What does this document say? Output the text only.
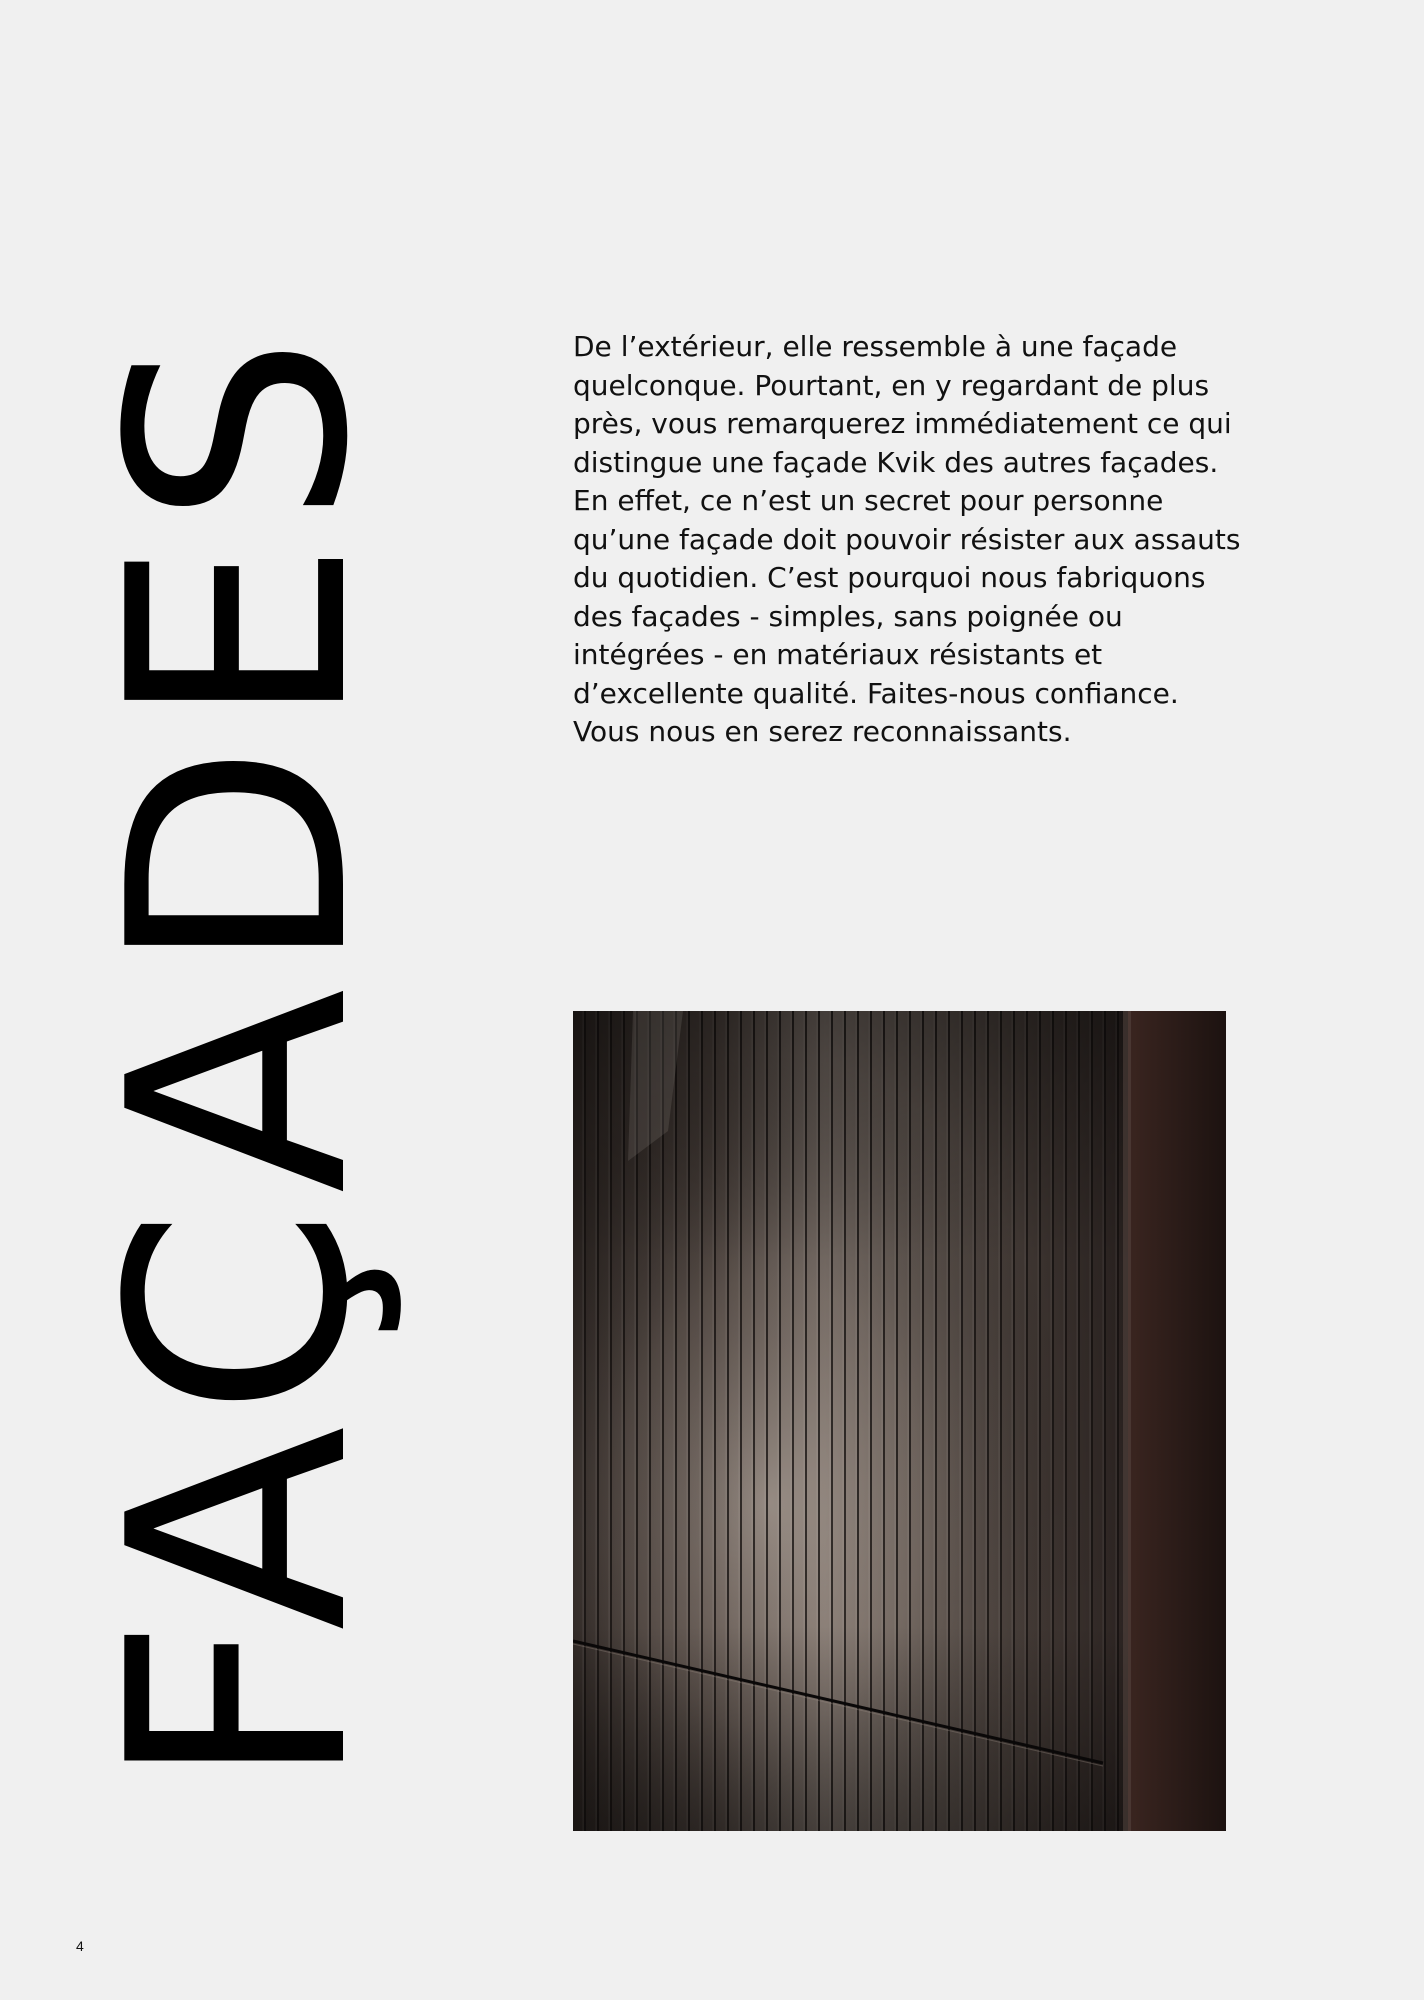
FAÇADES	De l’extérieur, elle ressemble à une façade quelconque. Pourtant, en y regardant de plus près, vous remarquerez immédiatement ce qui distingue une façade Kvik des autres façades. En effet, ce n’est un secret pour personne qu’une façade doit pouvoir résister aux assauts du quotidien. C’est pourquoi nous fabriquons des façades - simples, sans poignée ou intégrées - en matériaux résistants et d’excellente qualité. Faites-nous confiance. Vous nous en serez reconnaissants.

4
